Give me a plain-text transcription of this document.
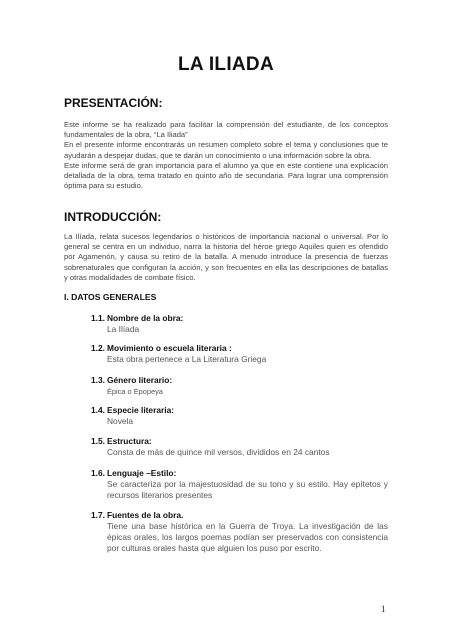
LA ILIADA
PRESENTACIÓN:

Este informe se ha realizado para facilitar la comprensión del estudiante, de los conceptos fundamentales de la obra, “La Iliada”

En el presente informe encontrarás un resumen completo sobre el tema y conclusiones que te ayudarán a despejar dudas, que te darán un conocimiento o una información sobre la obra.

Este informe será de gran importancia para el alumno ya que en este contiene una explicación detallada de la obra, tema tratado en quinto año de secundaria. Para lograr una comprensión óptima para su estudio.

INTRODUCCIÓN:

La Ilíada, relata sucesos legendarios o históricos de importancia nacional o universal. Por lo general se centra en un individuo, narra la historia del héroe griego Aquiles quien es ofendido por Agamenón, y causa su retiro de la batalla. A menudo introduce la presencia de fuerzas sobrenaturales que configuran la acción, y son frecuentes en ella las descripciones de batallas y otras modalidades de combate físico.

I. DATOS GENERALES
1.1. Nombre de la obra:
La Ilíada
1.2. Movimiento o escuela literaria :
Esta obra pertenece a La Literatura Griega
1.3. Género literario:
Épica o Epopeya
1.4. Especie literaria:
Novela
1.5. Estructura:
Consta de más de quince mil versos, divididos en 24 cantos
1.6. Lenguaje –Estilo:
Se caracteriza por la majestuosidad de su tono y su estilo. Hay epítetos y recursos literarios presentes
1.7. Fuentes de la obra.
Tiene una base histórica en la Guerra de Troya. La investigación de las épicas orales, los largos poemas podían ser preservados con consistencia por culturas orales hasta que alguien los puso por escrito.
1
